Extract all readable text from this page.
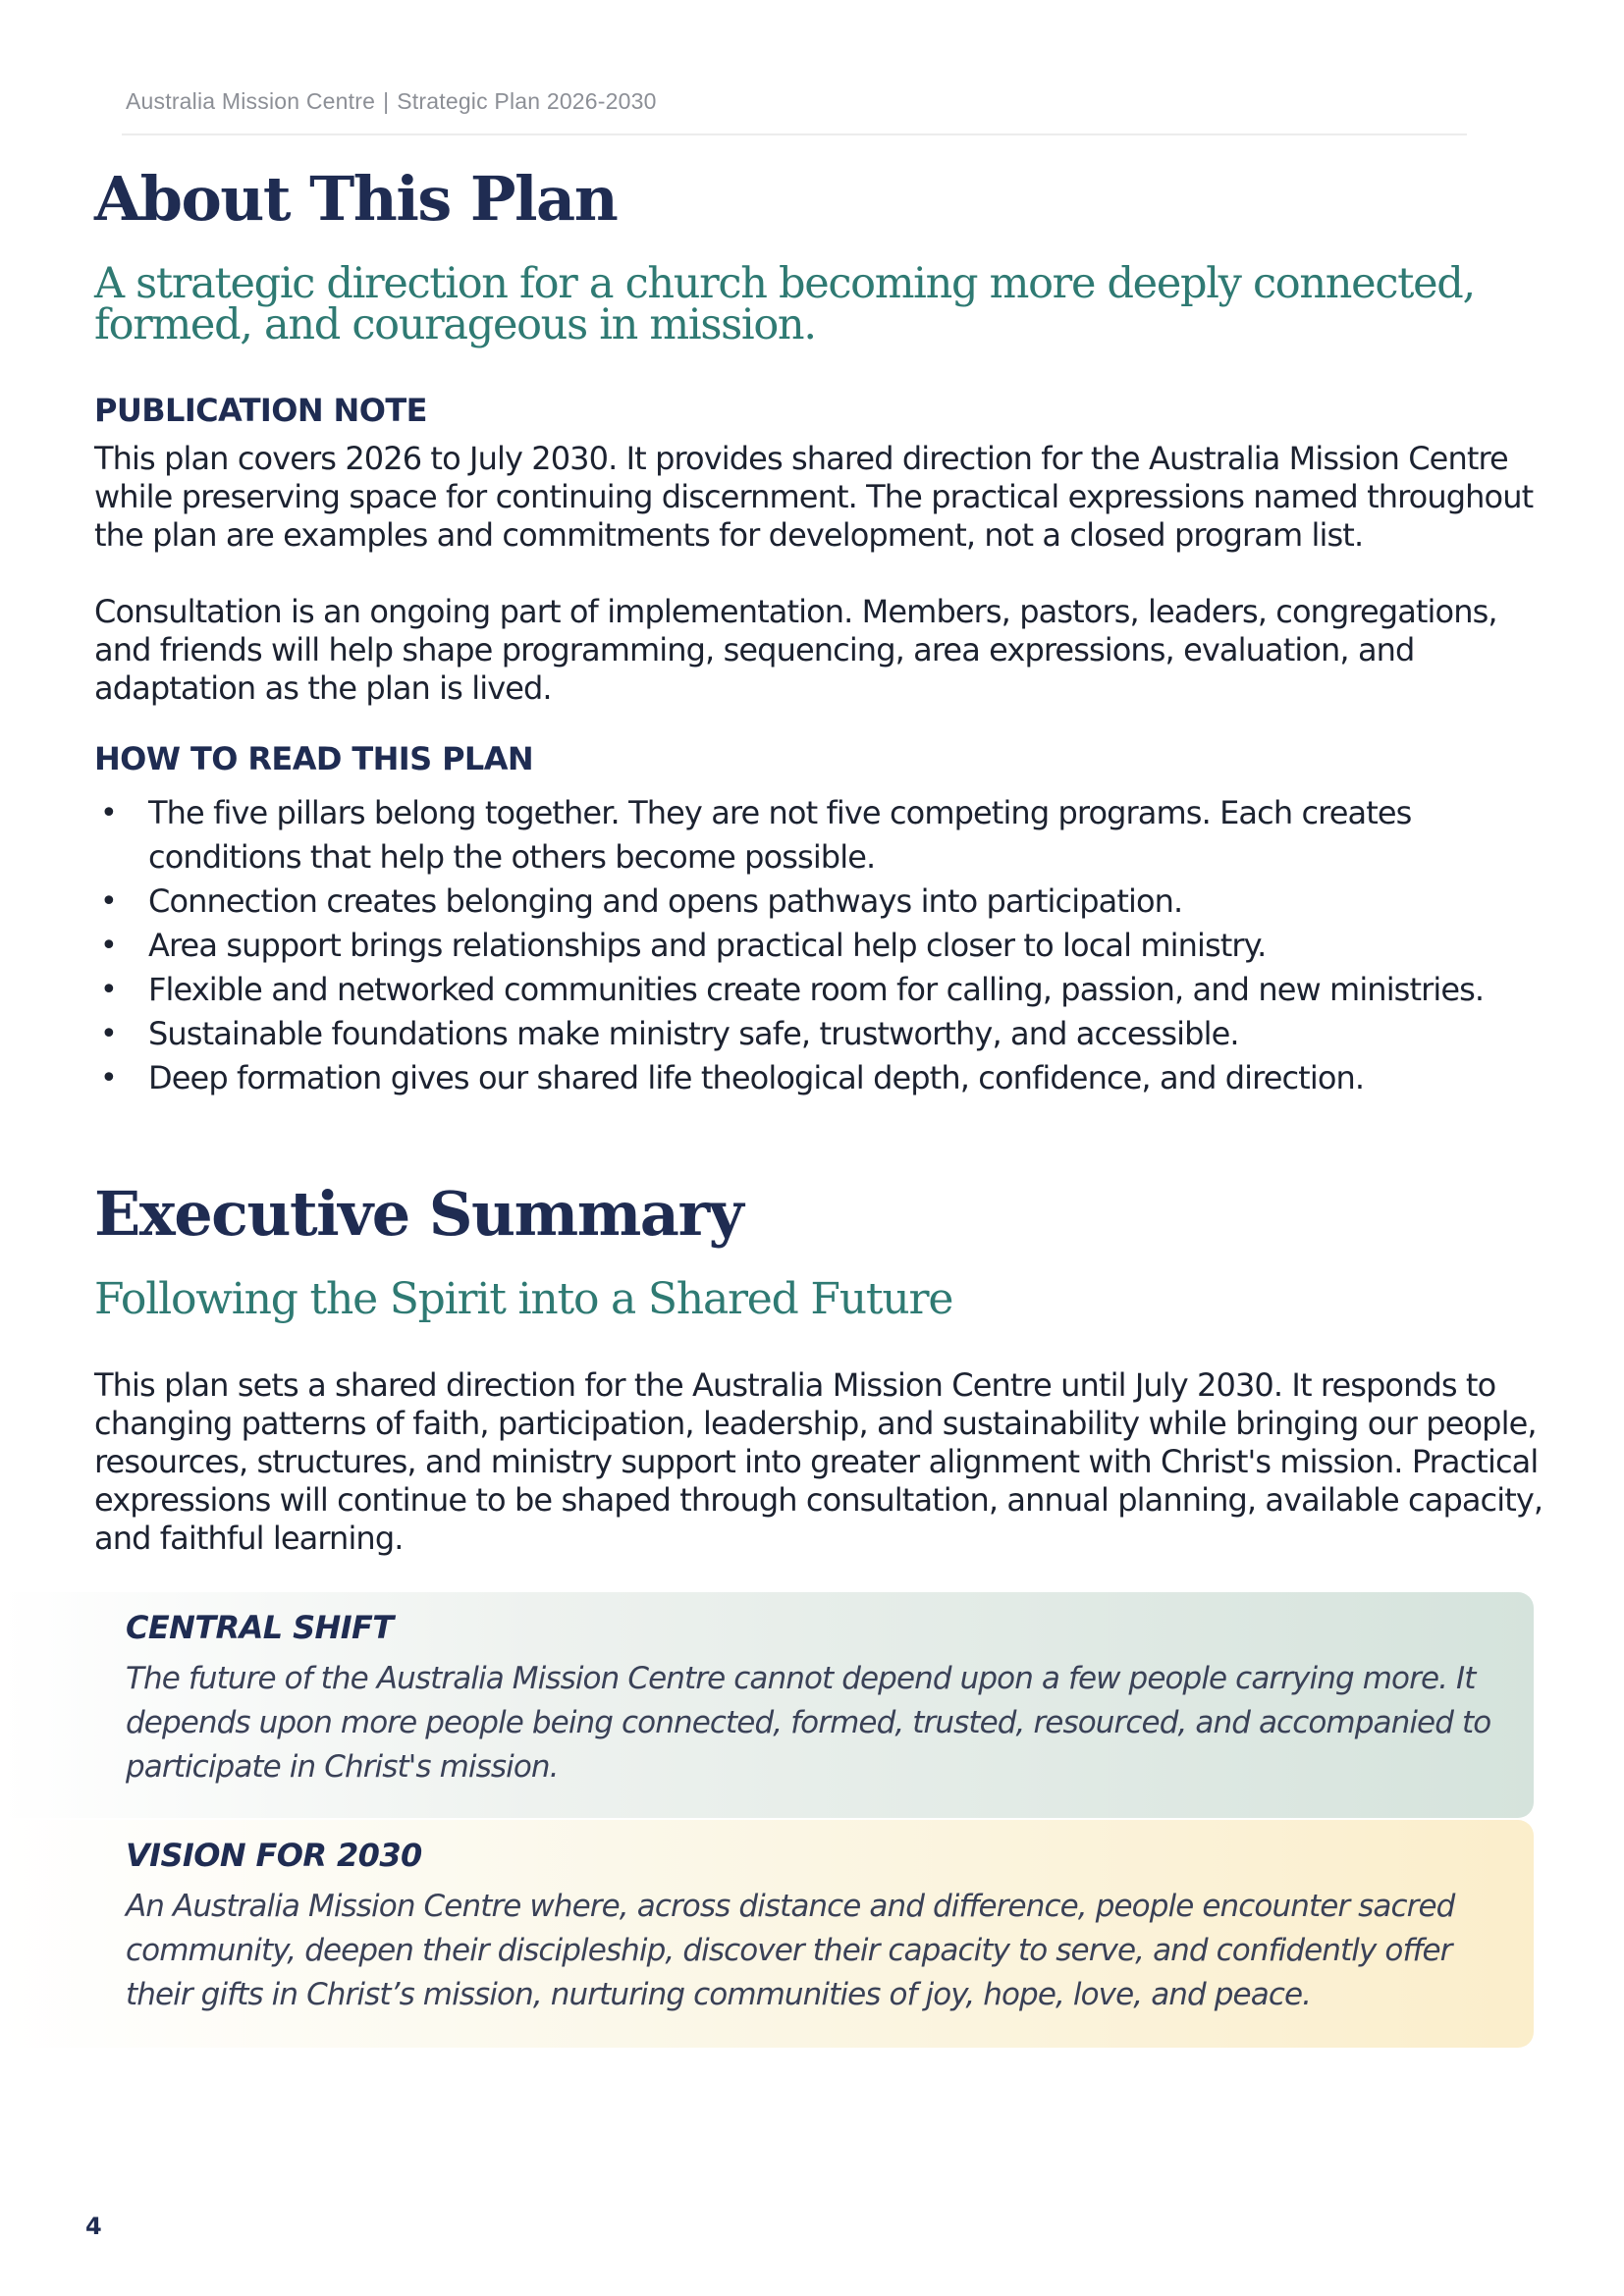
Australia Mission Centre | Strategic Plan 2026-2030
About This Plan
A strategic direction for a church becoming more deeply connected, formed, and courageous in mission.
PUBLICATION NOTE

This plan covers 2026 to July 2030. It provides shared direction for the Australia Mission Centre while preserving space for continuing discernment. The practical expressions named throughout the plan are examples and commitments for development, not a closed program list.

Consultation is an ongoing part of implementation. Members, pastors, leaders, congregations, and friends will help shape programming, sequencing, area expressions, evaluation, and adaptation as the plan is lived.

HOW TO READ THIS PLAN
• The five pillars belong together. They are not five competing programs. Each creates conditions that help the others become possible.
• Connection creates belonging and opens pathways into participation.
• Area support brings relationships and practical help closer to local ministry.
• Flexible and networked communities create room for calling, passion, and new ministries.
• Sustainable foundations make ministry safe, trustworthy, and accessible.
• Deep formation gives our shared life theological depth, confidence, and direction.
Executive Summary
Following the Spirit into a Shared Future

This plan sets a shared direction for the Australia Mission Centre until July 2030. It responds to changing patterns of faith, participation, leadership, and sustainability while bringing our people, resources, structures, and ministry support into greater alignment with Christ's mission. Practical expressions will continue to be shaped through consultation, annual planning, available capacity, and faithful learning.

CENTRAL SHIFT
The future of the Australia Mission Centre cannot depend upon a few people carrying more. It depends upon more people being connected, formed, trusted, resourced, and accompanied to participate in Christ's mission.
VISION FOR 2030
An Australia Mission Centre where, across distance and difference, people encounter sacred community, deepen their discipleship, discover their capacity to serve, and confidently offer their gifts in Christ’s mission, nurturing communities of joy, hope, love, and peace.
4
